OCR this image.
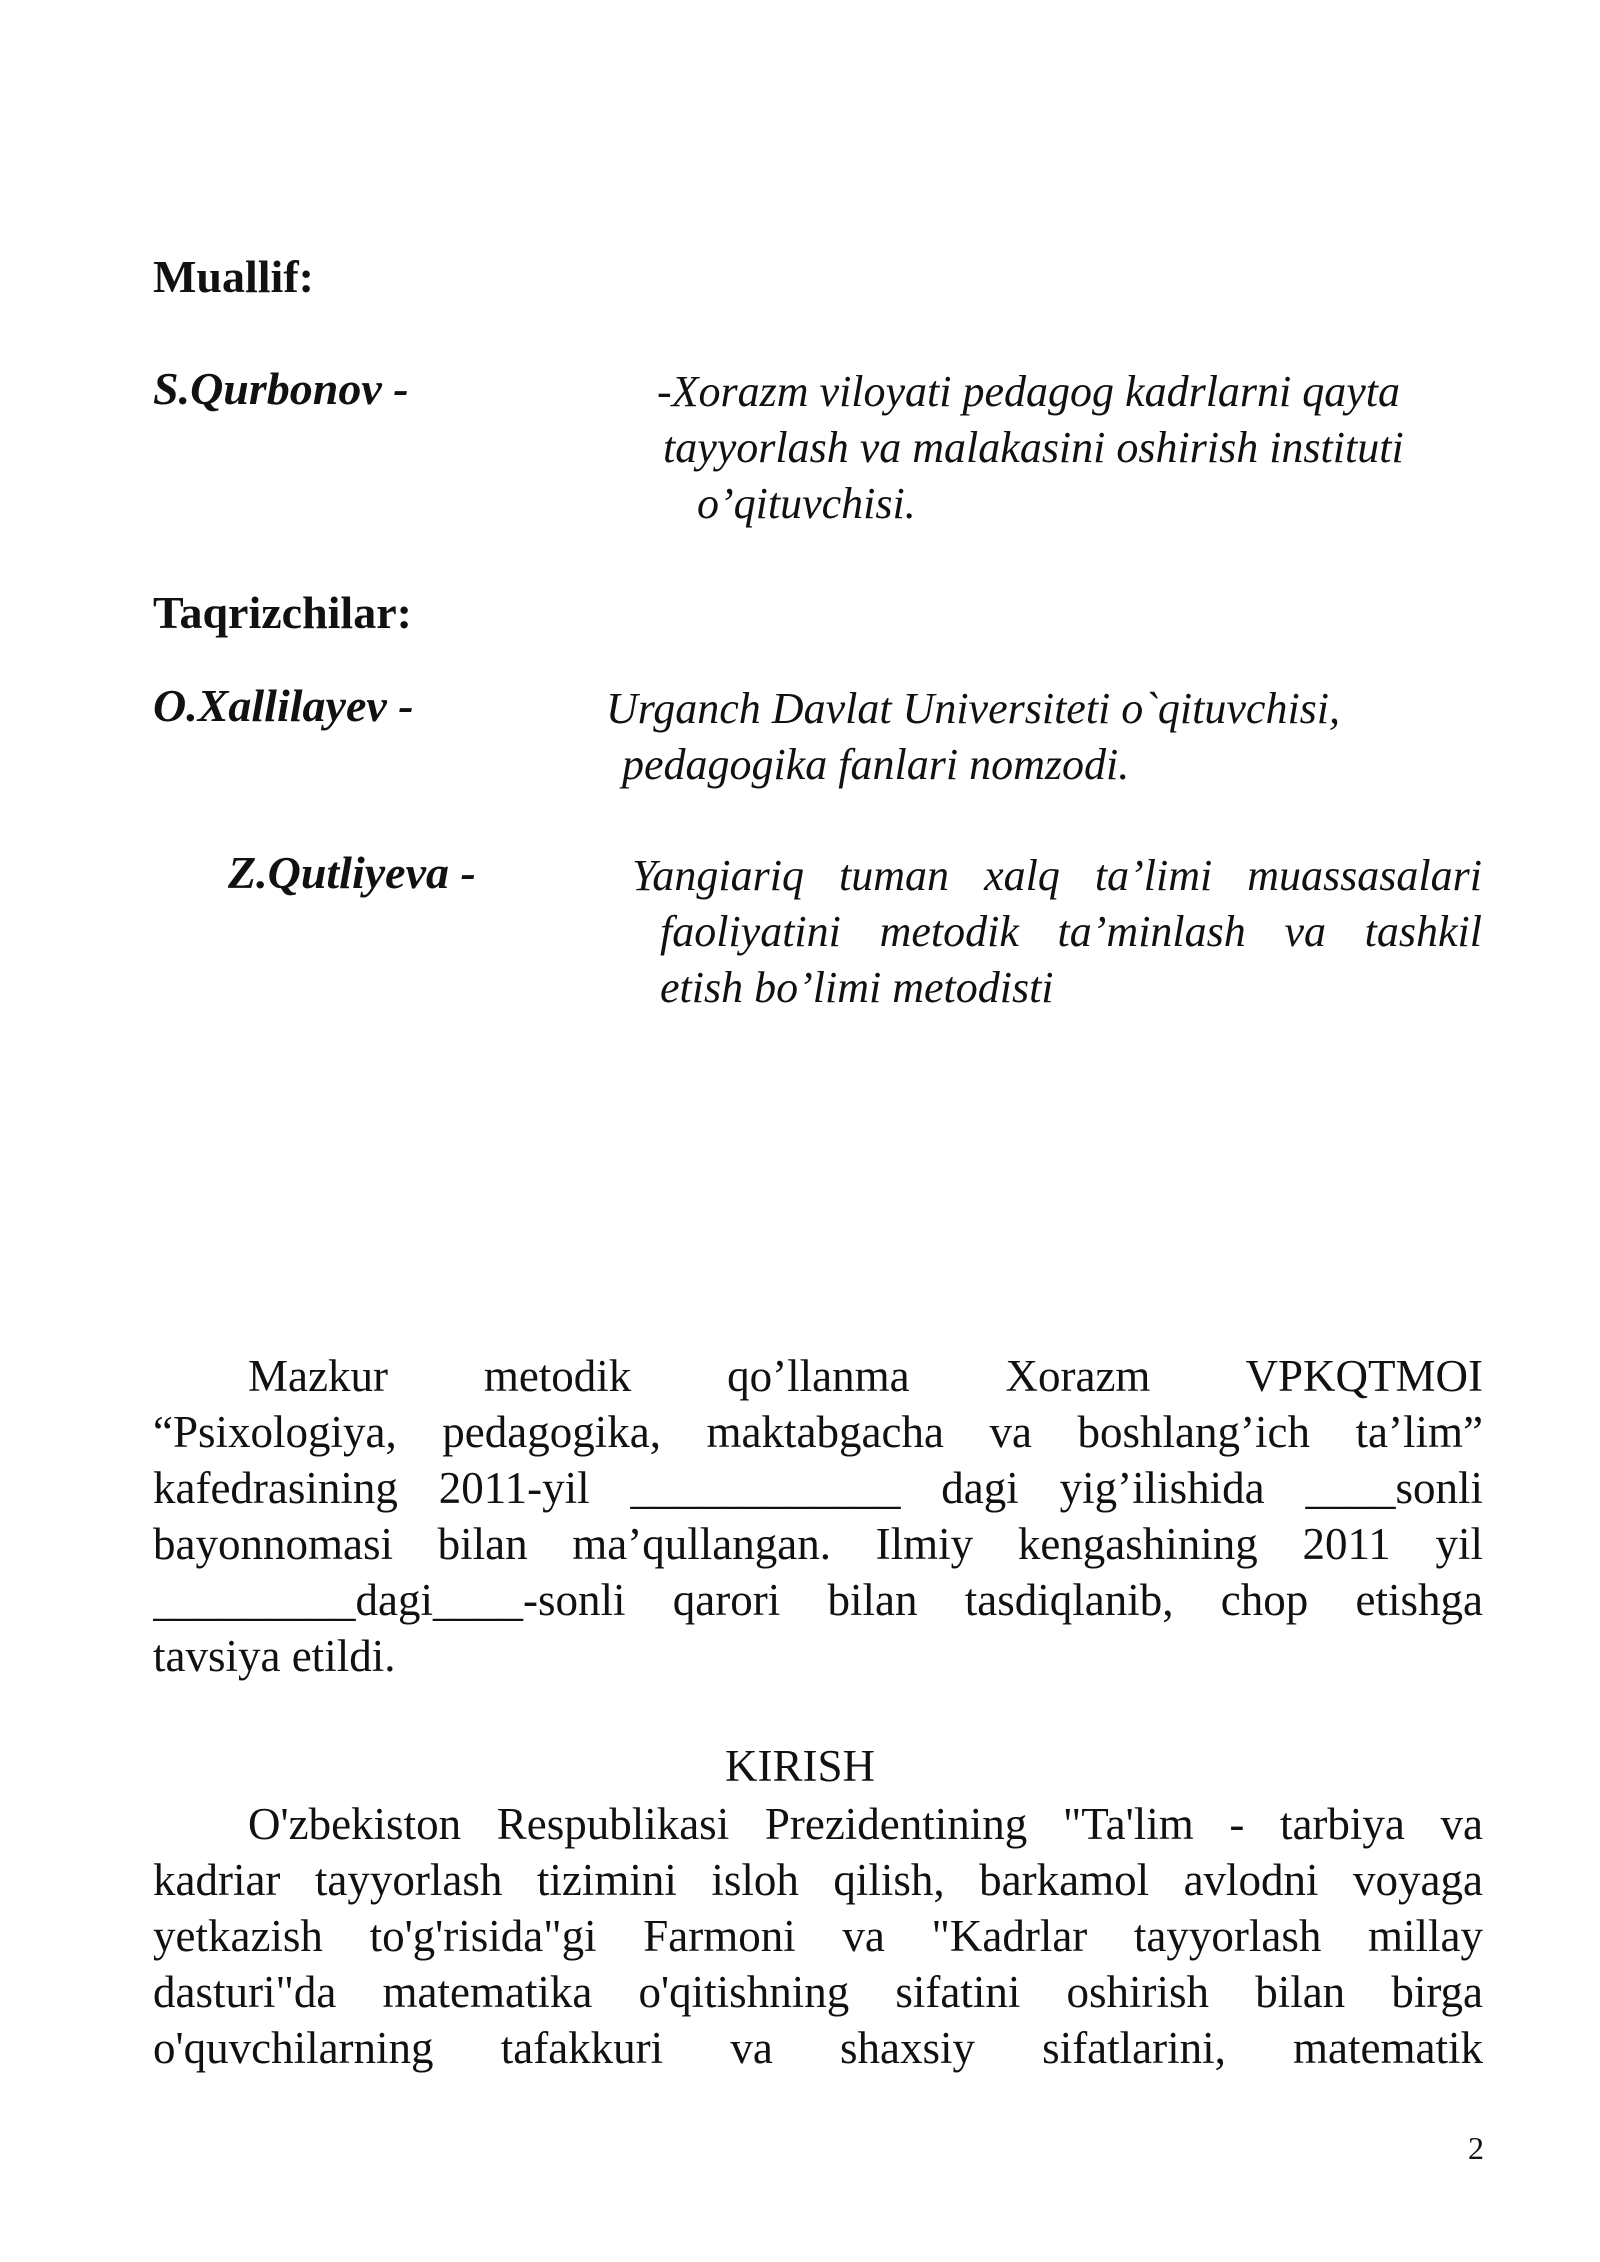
Muallif:
S.Qurbonov -	-Xorazm viloyati pedagog kadrlarni qayta
tayyorlash va malakasini oshirish instituti
o’qituvchisi.
Taqrizchilar:
O.Xallilayev -	Urganch Davlat Universiteti o`qituvchisi,
pedagogika fanlari nomzodi.
Z.Qutliyeva -	Yangiariq tuman xalq ta’limi muassasalari
faoliyatini metodik ta’minlash va tashkil
etish bo’limi metodisti
Mazkur metodik qo’llanma Xorazm VPKQTMOI
“Psixologiya, pedagogika, maktabgacha va boshlang’ich ta’lim”
kafedrasining 2011-yil ____________ dagi yig’ilishida ____sonli
bayonnomasi bilan ma’qullangan. Ilmiy kengashining 2011 yil
_________dagi____-sonli qarori bilan tasdiqlanib, chop etishga
tavsiya etildi.
KIRISH
O'zbekiston Respublikasi Prezidentining "Ta'lim - tarbiya va
kadriar tayyorlash tizimini isloh qilish, barkamol avlodni voyaga
yetkazish to'g'risida"gi Farmoni va "Kadrlar tayyorlash millay
dasturi"da matematika o'qitishning sifatini oshirish bilan birga
o'quvchilarning tafakkuri va shaxsiy sifatlarini, matematik
2
